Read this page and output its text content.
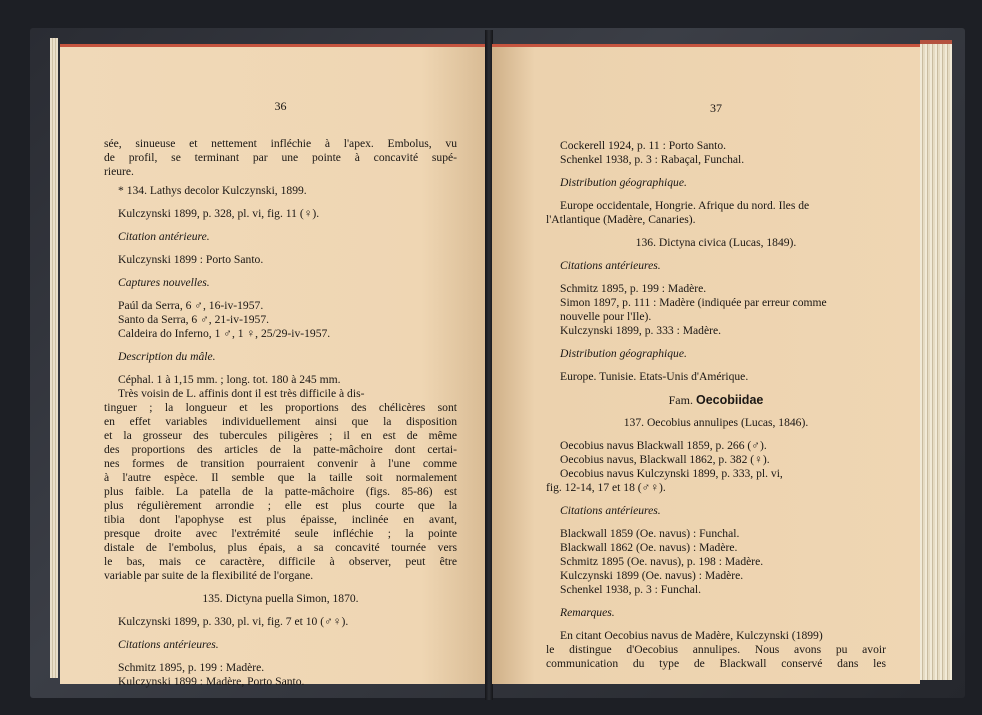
36
sée, sinueuse et nettement infléchie à l'apex. Embolus, vu
de profil, se terminant par une pointe à concavité supé-
rieure.
* 134. Lathys decolor Kulczynski, 1899.
Kulczynski 1899, p. 328, pl. vi, fig. 11 (♀).
Citation antérieure.
Kulczynski 1899 : Porto Santo.
Captures nouvelles.
Paúl da Serra, 6 ♂, 16-iv-1957.
Santo da Serra, 6 ♂, 21-iv-1957.
Caldeira do Inferno, 1 ♂, 1 ♀, 25/29-iv-1957.
Description du mâle.
Céphal. 1 à 1,15 mm. ; long. tot. 180 à 245 mm.
Très voisin de L. affinis dont il est très difficile à dis-
tinguer ; la longueur et les proportions des chélicères sont
en effet variables individuellement ainsi que la disposition
et la grosseur des tubercules piligères ; il en est de même
des proportions des articles de la patte-mâchoire dont certai-
nes formes de transition pourraient convenir à l'une comme
à l'autre espèce. Il semble que la taille soit normalement
plus faible. La patella de la patte-mâchoire (figs. 85-86) est
plus régulièrement arrondie ; elle est plus courte que la
tibia dont l'apophyse est plus épaisse, inclinée en avant,
presque droite avec l'extrémité seule infléchie ; la pointe
distale de l'embolus, plus épais, a sa concavité tournée vers
le bas, mais ce caractère, difficile à observer, peut être
variable par suite de la flexibilité de l'organe.
135. Dictyna puella Simon, 1870.
Kulczynski 1899, p. 330, pl. vi, fig. 7 et 10 (♂♀).
Citations antérieures.
Schmitz 1895, p. 199 : Madère.
Kulczynski 1899 : Madère, Porto Santo.
37
Cockerell 1924, p. 11 : Porto Santo.
Schenkel 1938, p. 3 : Rabaçal, Funchal.
Distribution géographique.
Europe occidentale, Hongrie. Afrique du nord. Iles de
l'Atlantique (Madère, Canaries).
136. Dictyna civica (Lucas, 1849).
Citations antérieures.
Schmitz 1895, p. 199 : Madère.
Simon 1897, p. 111 : Madère (indiquée par erreur comme
nouvelle pour l'Ile).
Kulczynski 1899, p. 333 : Madère.
Distribution géographique.
Europe. Tunisie. Etats-Unis d'Amérique.
Fam. Oecobiidae
137. Oecobius annulipes (Lucas, 1846).
Oecobius navus Blackwall 1859, p. 266 (♂).
Oecobius navus, Blackwall 1862, p. 382 (♀).
Oecobius navus Kulczynski 1899, p. 333, pl. vi,
fig. 12-14, 17 et 18 (♂♀).
Citations antérieures.
Blackwall 1859 (Oe. navus) : Funchal.
Blackwall 1862 (Oe. navus) : Madère.
Schmitz 1895 (Oe. navus), p. 198 : Madère.
Kulczynski 1899 (Oe. navus) : Madère.
Schenkel 1938, p. 3 : Funchal.
Remarques.
En citant Oecobius navus de Madère, Kulczynski (1899)
le distingue d'Oecobius annulipes. Nous avons pu avoir
communication du type de Blackwall conservé dans les
